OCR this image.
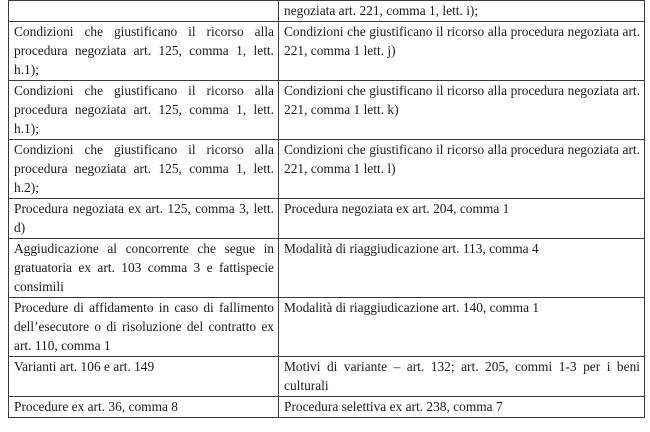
	negoziata art. 221, comma 1, lett. i);
Condizioni che giustificano il ricorso alla procedura negoziata art. 125, comma 1, lett. h.1);	Condizioni che giustificano il ricorso alla procedura negoziata art. 221, comma 1 lett. j)
Condizioni che giustificano il ricorso alla procedura negoziata art. 125, comma 1, lett. h.1);	Condizioni che giustificano il ricorso alla procedura negoziata art. 221, comma 1 lett. k)
Condizioni che giustificano il ricorso alla procedura negoziata art. 125, comma 1, lett. h.2);	Condizioni che giustificano il ricorso alla procedura negoziata art. 221, comma 1 lett. l)
Procedura negoziata ex art. 125, comma 3, lett. d)	Procedura negoziata ex art. 204, comma 1
Aggiudicazione al concorrente che segue in gratuatoria ex art. 103 comma 3 e fattispecie consimili	Modalità di riaggiudicazione art. 113, comma 4
Procedure di affidamento in caso di fallimento dell’esecutore o di risoluzione del contratto ex art. 110, comma 1	Modalità di riaggiudicazione art. 140, comma 1
Varianti art. 106 e art. 149	Motivi di variante – art. 132; art. 205, commi 1-3 per i beni culturali
Procedure ex art. 36, comma 8	Procedura selettiva ex art. 238, comma 7
